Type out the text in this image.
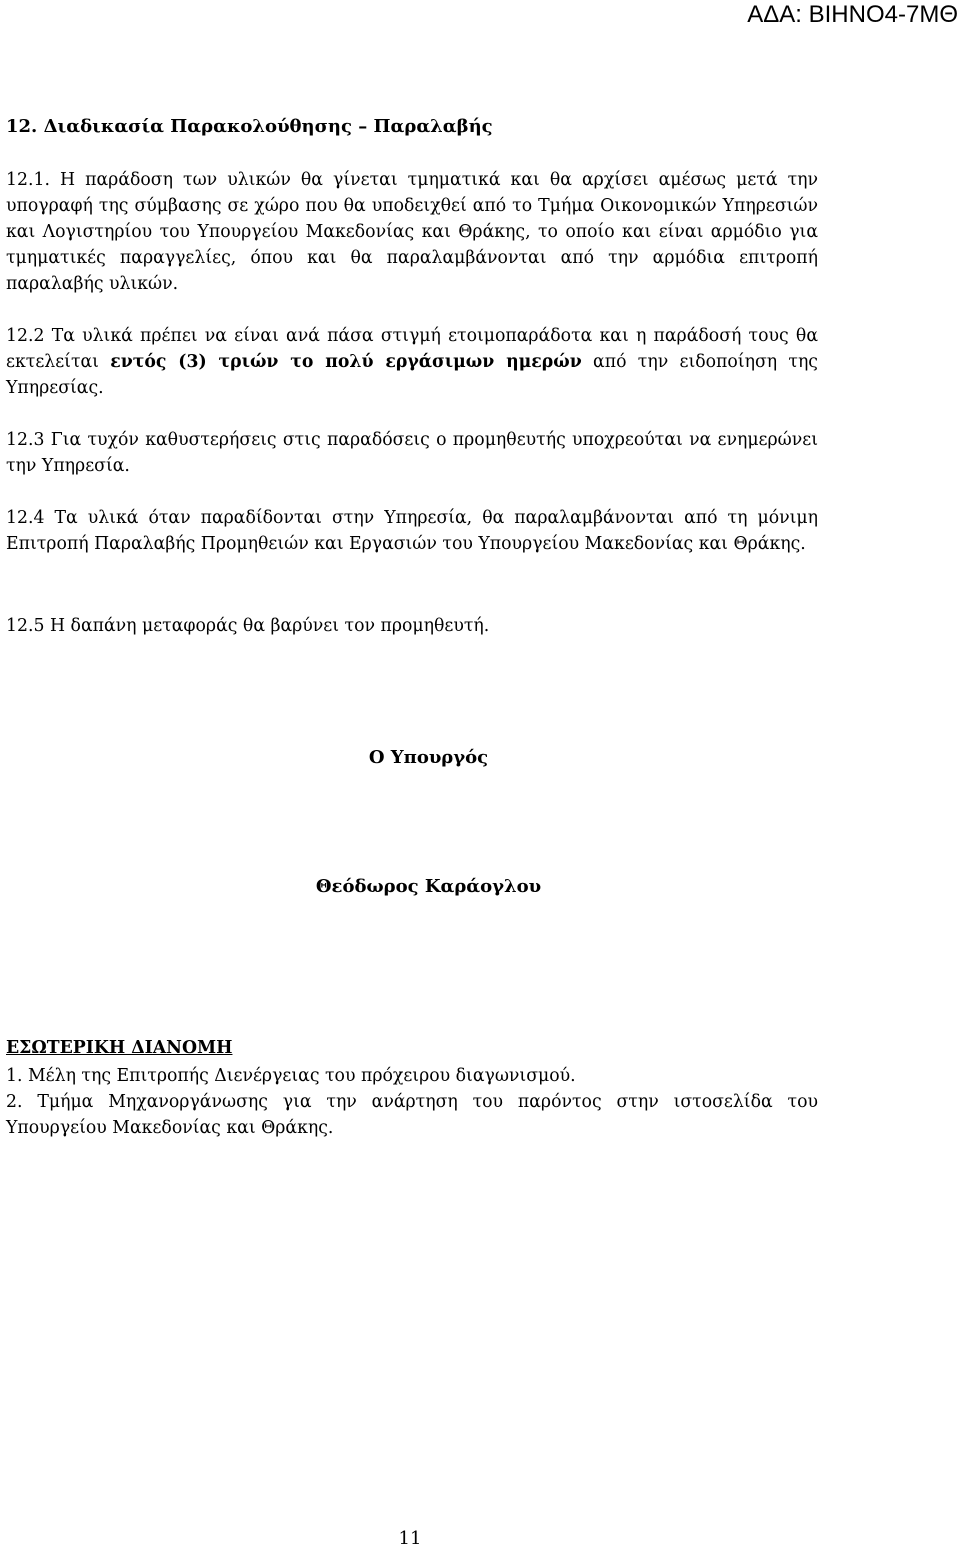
ΑΔΑ: ΒΙΗΝΟ4-7ΜΘ
12. Διαδικασία Παρακολούθησης – Παραλαβής
12.1. Η παράδοση των υλικών θα γίνεται τμηματικά και θα αρχίσει αμέσως μετά την υπογραφή της σύμβασης σε χώρο που θα υποδειχθεί από το Τμήμα Οικονομικών Υπηρεσιών και Λογιστηρίου του Υπουργείου Μακεδονίας και Θράκης, το οποίο και είναι αρμόδιο για τμηματικές παραγγελίες, όπου και θα παραλαμβάνονται από την αρμόδια επιτροπή παραλαβής υλικών.
12.2 Τα υλικά πρέπει να είναι ανά πάσα στιγμή ετοιμοπαράδοτα και η παράδοσή τους θα εκτελείται εντός (3) τριών το πολύ εργάσιμων ημερών από την ειδοποίηση της Υπηρεσίας.
12.3 Για τυχόν καθυστερήσεις στις παραδόσεις ο προμηθευτής υποχρεούται να ενημερώνει την Υπηρεσία.
12.4 Τα υλικά όταν παραδίδονται στην Υπηρεσία, θα παραλαμβάνονται από τη μόνιμη Επιτροπή Παραλαβής Προμηθειών και Εργασιών του Υπουργείου Μακεδονίας και Θράκης.
12.5 Η δαπάνη μεταφοράς θα βαρύνει τον προμηθευτή.
Ο Υπουργός
Θεόδωρος Καράογλου
ΕΣΩΤΕΡΙΚΗ ΔΙΑΝΟΜΗ
1. Μέλη της Επιτροπής Διενέργειας του πρόχειρου διαγωνισμού.
2. Τμήμα Μηχανοργάνωσης για την ανάρτηση του παρόντος στην ιστοσελίδα του Υπουργείου Μακεδονίας και Θράκης.
11
